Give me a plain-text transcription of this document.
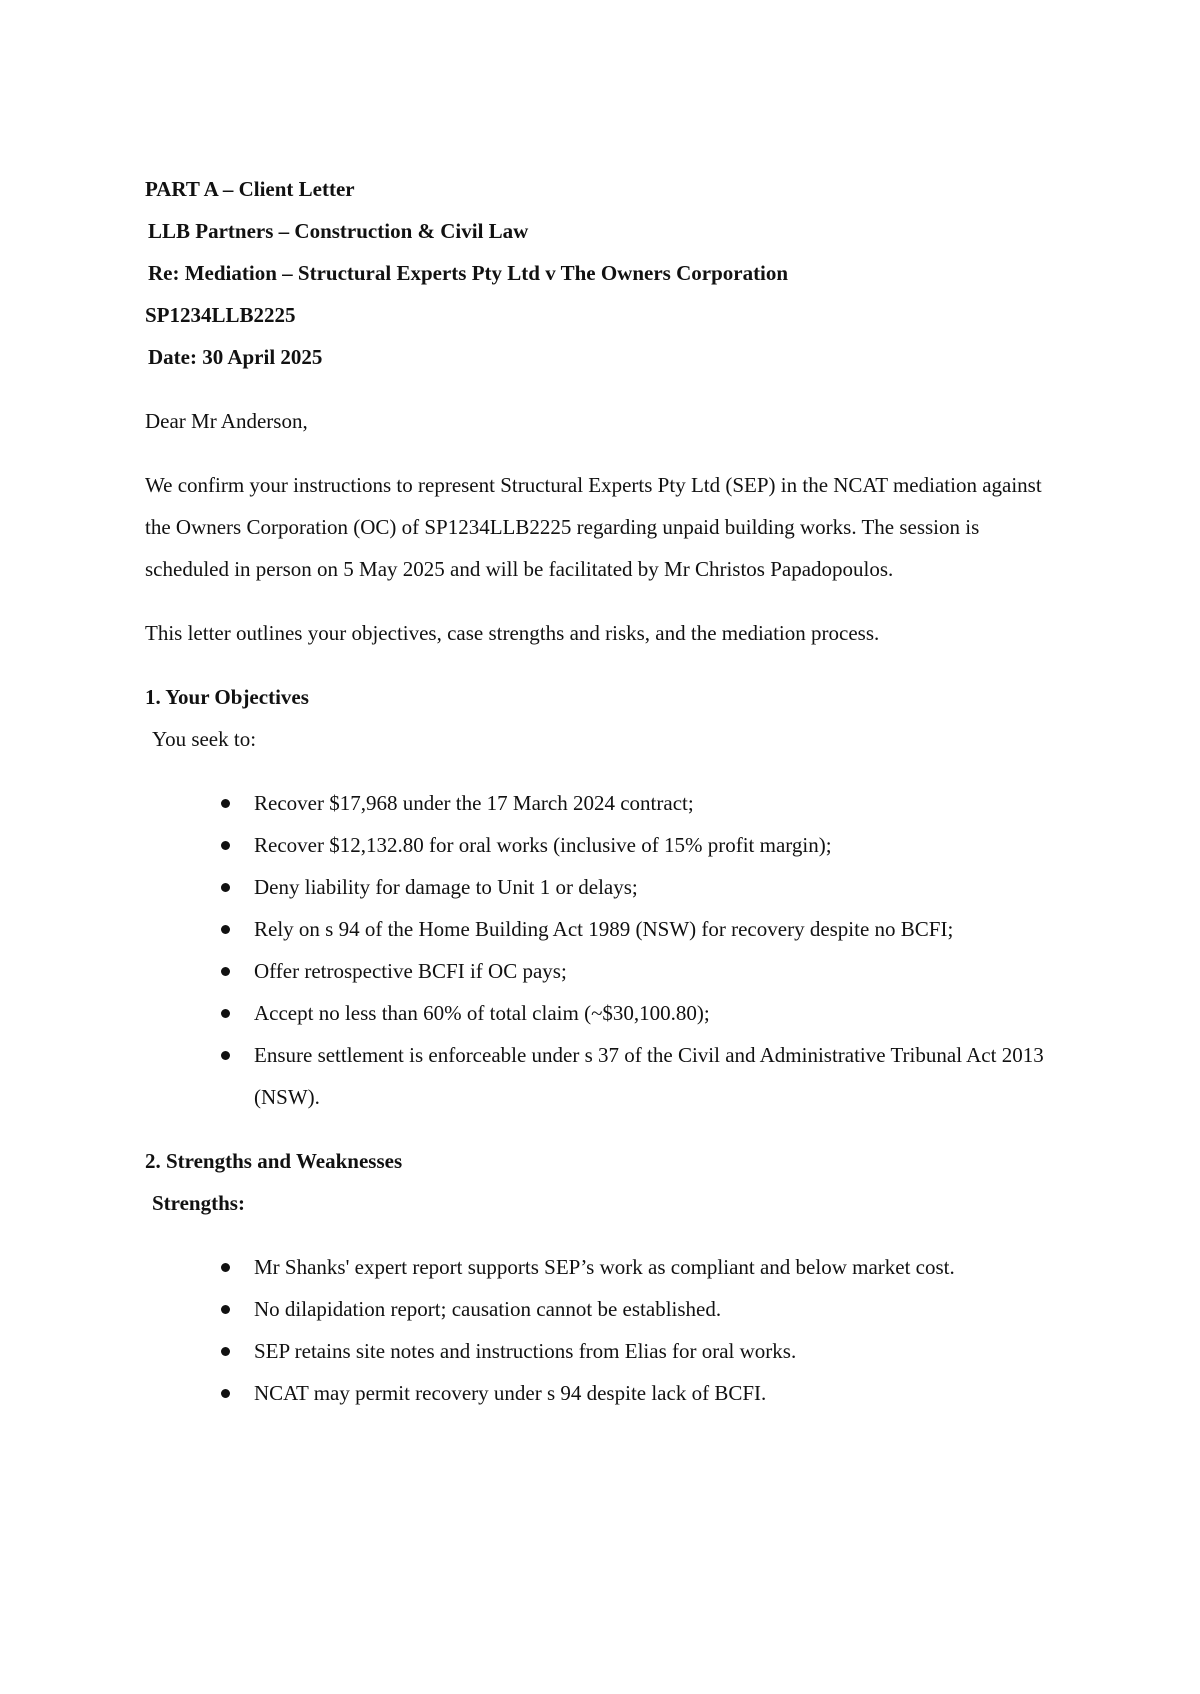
PART A – Client Letter

LLB Partners – Construction & Civil Law

Re: Mediation – Structural Experts Pty Ltd v The Owners Corporation

SP1234LLB2225

Date: 30 April 2025

Dear Mr Anderson,

We confirm your instructions to represent Structural Experts Pty Ltd (SEP) in the NCAT mediation against the Owners Corporation (OC) of SP1234LLB2225 regarding unpaid building works. The session is scheduled in person on 5 May 2025 and will be facilitated by Mr Christos Papadopoulos.

This letter outlines your objectives, case strengths and risks, and the mediation process.

1. Your Objectives

You seek to:

Recover $17,968 under the 17 March 2024 contract;
Recover $12,132.80 for oral works (inclusive of 15% profit margin);
Deny liability for damage to Unit 1 or delays;
Rely on s 94 of the Home Building Act 1989 (NSW) for recovery despite no BCFI;
Offer retrospective BCFI if OC pays;
Accept no less than 60% of total claim (~$30,100.80);
Ensure settlement is enforceable under s 37 of the Civil and Administrative Tribunal Act 2013 (NSW).

2. Strengths and Weaknesses

Strengths:

Mr Shanks' expert report supports SEP’s work as compliant and below market cost.
No dilapidation report; causation cannot be established.
SEP retains site notes and instructions from Elias for oral works.
NCAT may permit recovery under s 94 despite lack of BCFI.
